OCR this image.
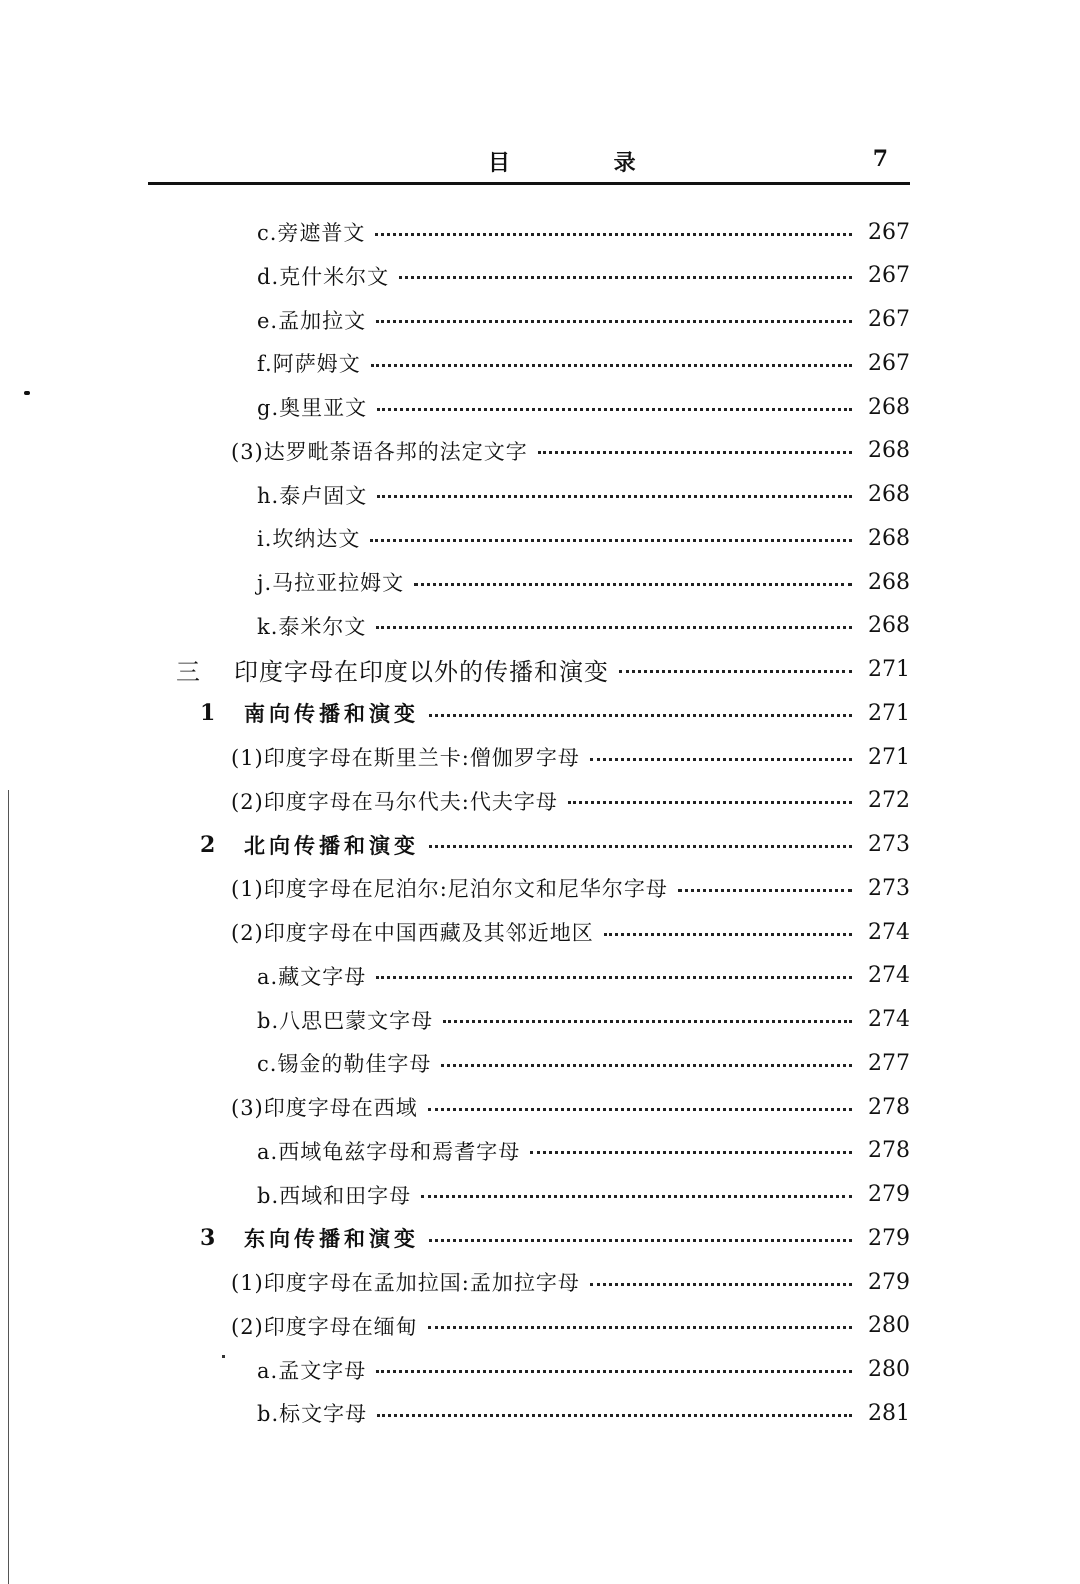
目 录	7
c.旁遮普文	267
d.克什米尔文	267
e.孟加拉文	267
f.阿萨姆文	267
g.奥里亚文	268
(3)达罗毗荼语各邦的法定文字	268
h.泰卢固文	268
i.坎纳达文	268
j.马拉亚拉姆文	268
k.泰米尔文	268
三	印度字母在印度以外的传播和演变	271
1	南向传播和演变	271
(1)印度字母在斯里兰卡:僧伽罗字母	271
(2)印度字母在马尔代夫:代夫字母	272
2	北向传播和演变	273
(1)印度字母在尼泊尔:尼泊尔文和尼华尔字母	273
(2)印度字母在中国西藏及其邻近地区	274
a.藏文字母	274
b.八思巴蒙文字母	274
c.锡金的勒佳字母	277
(3)印度字母在西域	278
a.西域龟兹字母和焉耆字母	278
b.西域和田字母	279
3	东向传播和演变	279
(1)印度字母在孟加拉国:孟加拉字母	279
(2)印度字母在缅甸	280
a.孟文字母	280
b.标文字母	281
